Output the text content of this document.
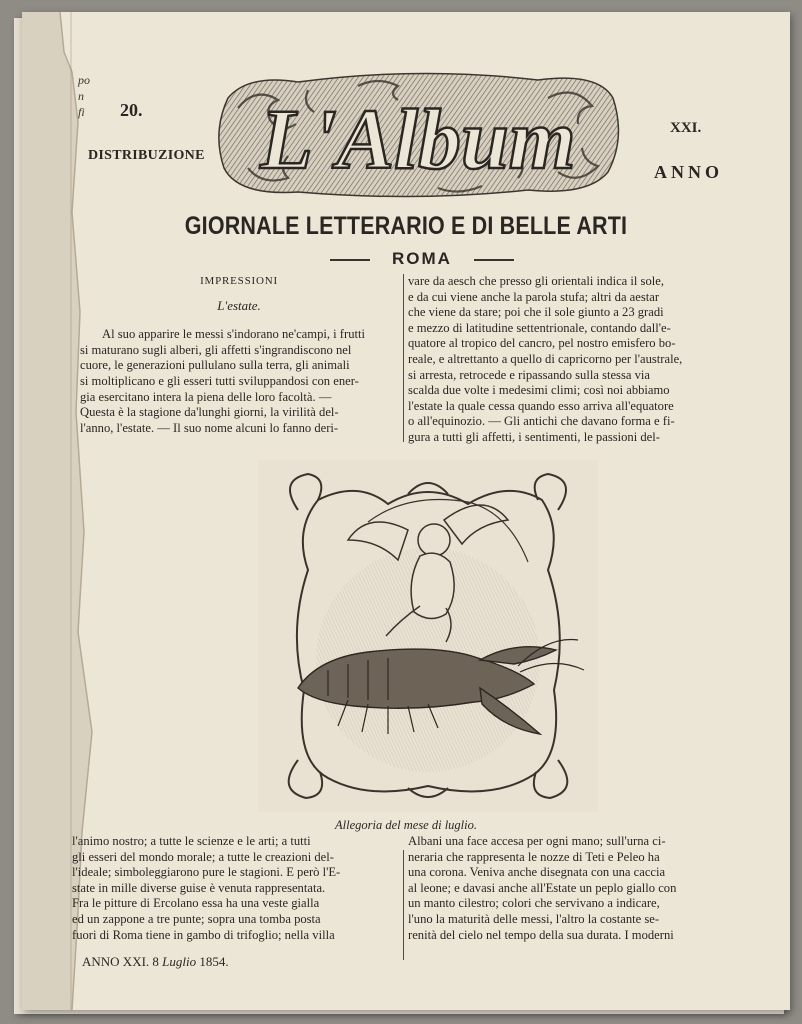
po
n
fi 20.
DISTRIBUZIONE
XXI.
ANNO
L'Album
GIORNALE LETTERARIO E DI BELLE ARTI
ROMA
IMPRESSIONI
L'estate.

Al suo apparire le messi s'indorano ne'campi, i frutti

si maturano sugli alberi, gli affetti s'ingrandiscono nel

cuore, le generazioni pullulano sulla terra, gli animali

si moltiplicano e gli esseri tutti sviluppandosi con ener-

gia esercitano intera la piena delle loro facoltà. —

Questa è la stagione da'lunghi giorni, la virilità del-

l'anno, l'estate. — Il suo nome alcuni lo fanno deri-

vare da aesch che presso gli orientali indica il sole,

e da cui viene anche la parola stufa; altri da aestar

che viene da stare; poi che il sole giunto a 23 gradi

e mezzo di latitudine settentrionale, contando dall'e-

quatore al tropico del cancro, pel nostro emisfero bo-

reale, e altrettanto a quello di capricorno per l'australe,

si arresta, retrocede e ripassando sulla stessa via

scalda due volte i medesimi climi; così noi abbiamo

l'estate la quale cessa quando esso arriva all'equatore

o all'equinozio. — Gli antichi che davano forma e fi-

gura a tutti gli affetti, i sentimenti, le passioni del-

Allegoria del mese di luglio.

l'animo nostro; a tutte le scienze e le arti; a tutti

gli esseri del mondo morale; a tutte le creazioni del-

l'ideale; simboleggiarono pure le stagioni. E però l'E-

state in mille diverse guise è venuta rappresentata.

Fra le pitture di Ercolano essa ha una veste gialla

ed un zappone a tre punte; sopra una tomba posta

fuori di Roma tiene in gambo di trifoglio; nella villa

Albani una face accesa per ogni mano; sull'urna ci-

neraria che rappresenta le nozze di Teti e Peleo ha

una corona. Veniva anche disegnata con una caccia

al leone; e davasi anche all'Estate un peplo giallo con

un manto cilestro; colori che servivano a indicare,

l'uno la maturità delle messi, l'altro la costante se-

renità del cielo nel tempo della sua durata. I moderni

ANNO XXI. 8 Luglio 1854.
